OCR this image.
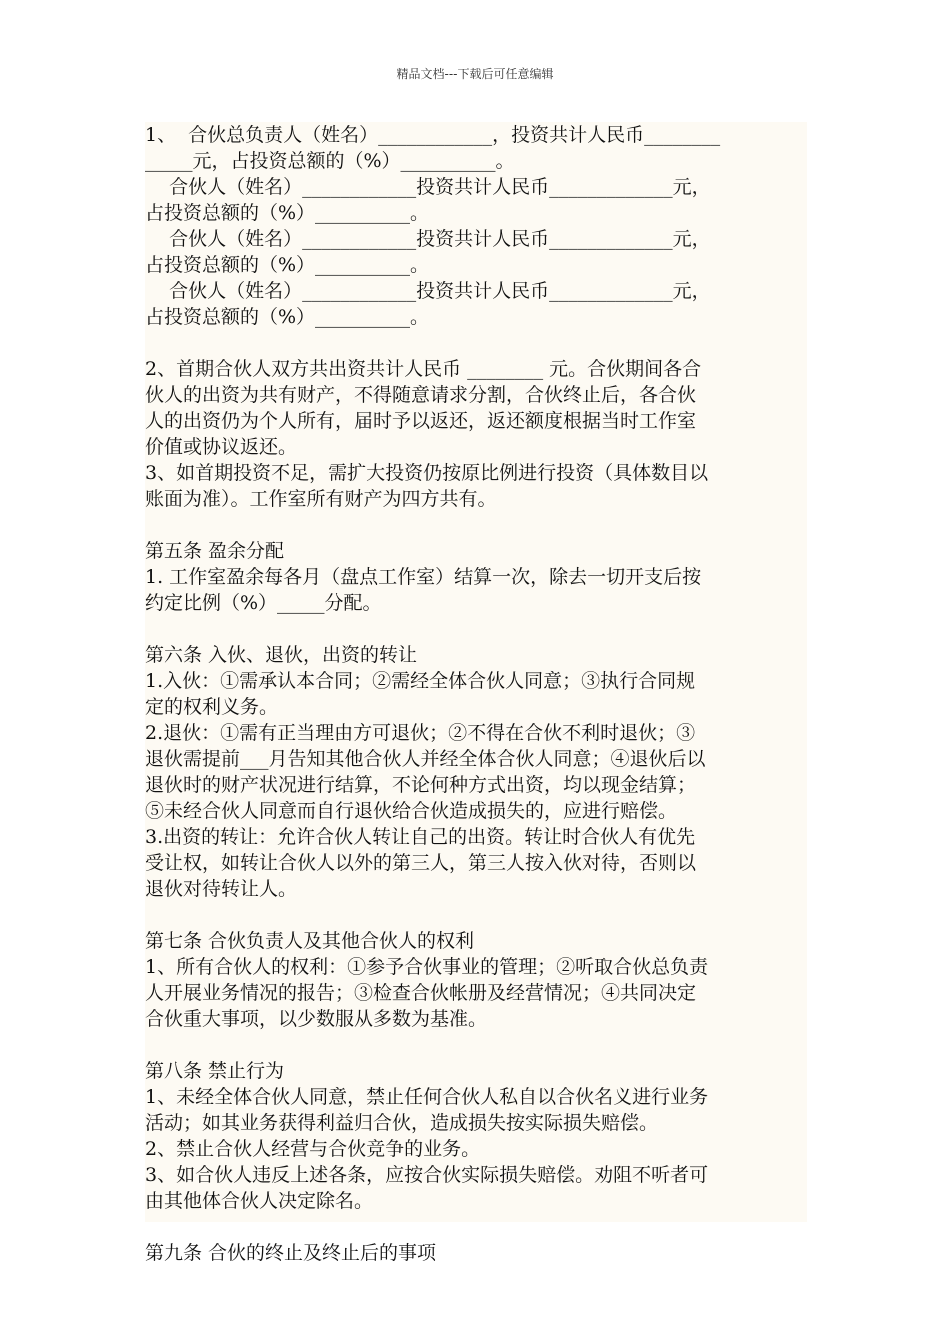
精品文档---下载后可任意编辑

1、  合伙总负责人（姓名）____________，投资共计人民币________

_____元，占投资总额的（%）__________。

合伙人（姓名）____________投资共计人民币_____________元，

占投资总额的（%）__________。

合伙人（姓名）____________投资共计人民币_____________元，

占投资总额的（%）__________。

合伙人（姓名）____________投资共计人民币_____________元，

占投资总额的（%）__________。

2、首期合伙人双方共出资共计人民币 ________ 元。合伙期间各合

伙人的出资为共有财产，不得随意请求分割，合伙终止后，各合伙

人的出资仍为个人所有，届时予以返还，返还额度根据当时工作室

价值或协议返还。

3、如首期投资不足，需扩大投资仍按原比例进行投资（具体数目以

账面为准）。工作室所有财产为四方共有。

第五条 盈余分配

1. 工作室盈余每各月（盘点工作室）结算一次，除去一切开支后按

约定比例（%）_____分配。

第六条 入伙、退伙，出资的转让

1.入伙：①需承认本合同；②需经全体合伙人同意；③执行合同规

定的权利义务。

2.退伙：①需有正当理由方可退伙；②不得在合伙不利时退伙；③

退伙需提前___月告知其他合伙人并经全体合伙人同意；④退伙后以

退伙时的财产状况进行结算，不论何种方式出资，均以现金结算；

⑤未经合伙人同意而自行退伙给合伙造成损失的，应进行赔偿。

3.出资的转让：允许合伙人转让自己的出资。转让时合伙人有优先

受让权，如转让合伙人以外的第三人，第三人按入伙对待，否则以

退伙对待转让人。

第七条 合伙负责人及其他合伙人的权利

1、所有合伙人的权利：①参予合伙事业的管理；②听取合伙总负责

人开展业务情况的报告；③检查合伙帐册及经营情况；④共同决定

合伙重大事项，以少数服从多数为基准。

第八条 禁止行为

1、未经全体合伙人同意，禁止任何合伙人私自以合伙名义进行业务

活动；如其业务获得利益归合伙，造成损失按实际损失赔偿。

2、禁止合伙人经营与合伙竞争的业务。

3、如合伙人违反上述各条，应按合伙实际损失赔偿。劝阻不听者可

由其他体合伙人决定除名。

第九条 合伙的终止及终止后的事项
